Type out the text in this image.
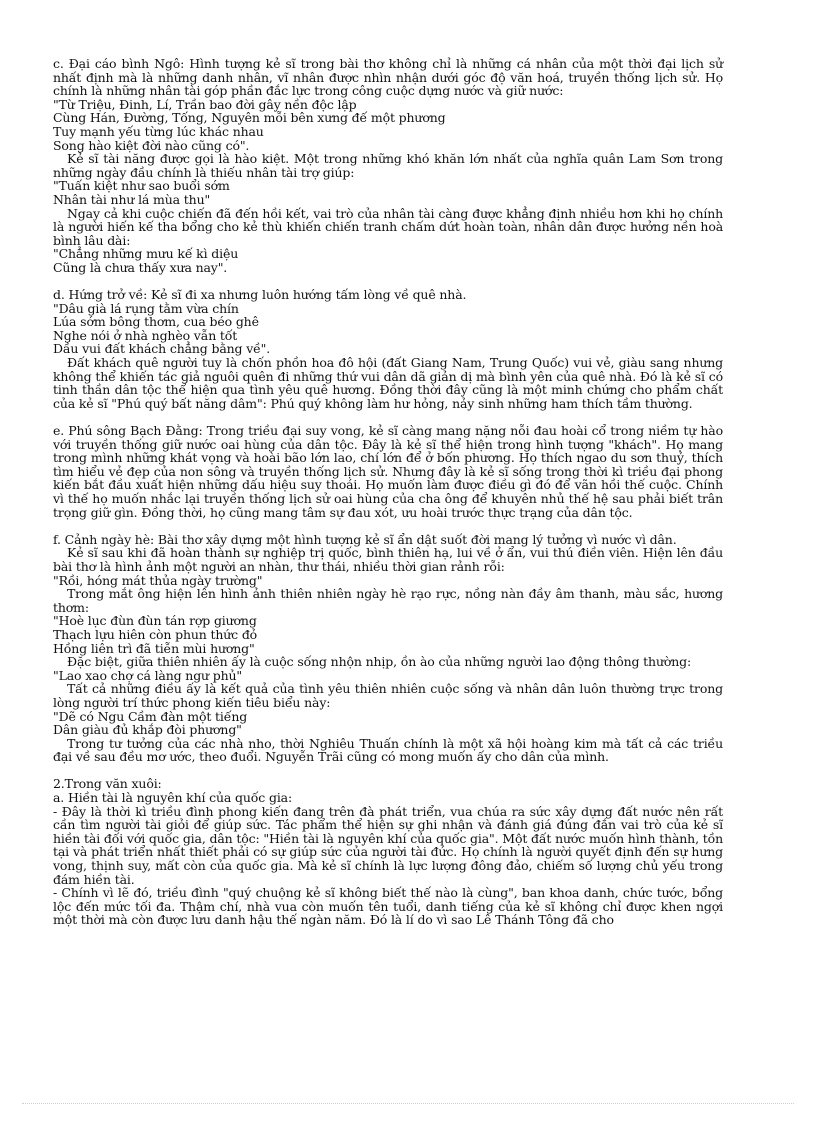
c. Đại cáo bình Ngô: Hình tượng kẻ sĩ trong bài thơ không chỉ là những cá nhân của một thời đại lịch sử nhất định mà là những danh nhân, vĩ nhân được nhìn nhận dưới góc độ văn hoá, truyền thống lịch sử. Họ chính là những nhân tài góp phần đắc lực trong công cuộc dựng nước và giữ nước:

"Từ Triệu, Đinh, Lí, Trần bao đời gây nền độc lập
Cùng Hán, Đường, Tống, Nguyên mỗi bên xưng đế một phương
Tuy mạnh yếu từng lúc khác nhau
Song hào kiệt đời nào cũng có".

Kẻ sĩ tài năng được gọi là hào kiệt. Một trong những khó khăn lớn nhất của nghĩa quân Lam Sơn trong những ngày đầu chính là thiếu nhân tài trợ giúp:

"Tuấn kiệt như sao buổi sớm
Nhân tài như lá mùa thu"

Ngay cả khi cuộc chiến đã đến hồi kết, vai trò của nhân tài càng được khẳng định nhiều hơn khi họ chính là người hiến kế tha bổng cho kẻ thù khiến chiến tranh chấm dứt hoàn toàn, nhân dân được hưởng nền hoà bình lâu dài:

"Chẳng những mưu kế kì diệu
Cũng là chưa thấy xưa nay".

d. Hứng trở về: Kẻ sĩ đi xa nhưng luôn hướng tấm lòng về quê nhà.

"Dâu già lá rụng tằm vừa chín
Lúa sớm bông thơm, cua béo ghê
Nghe nói ở nhà nghèo vẫn tốt
Dầu vui đất khách chẳng bằng về".

Đất khách quê người tuy là chốn phồn hoa đô hội (đất Giang Nam, Trung Quốc) vui vẻ, giàu sang nhưng không thể khiến tác giả nguôi quên đi những thứ vui dân dã giản dị mà bình yên của quê nhà. Đó là kẻ sĩ có tinh thần dân tộc thể hiện qua tình yêu quê hương. Đồng thời đây cũng là một minh chứng cho phẩm chất của kẻ sĩ "Phú quý bất năng dâm": Phú quý không làm hư hỏng, nảy sinh những ham thích tầm thường.

e. Phú sông Bạch Đằng: Trong triều đại suy vong, kẻ sĩ càng mang nặng nỗi đau hoài cổ trong niềm tự hào với truyền thống giữ nước oai hùng của dân tộc. Đây là kẻ sĩ thể hiện trong hình tượng "khách". Họ mang trong mình những khát vọng và hoài bão lớn lao, chí lớn để ở bốn phương. Họ thích ngao du sơn thuỷ, thích tìm hiểu vẻ đẹp của non sông và truyền thống lịch sử. Nhưng đây là kẻ sĩ sống trong thời kì triều đại phong kiến bắt đầu xuất hiện những dấu hiệu suy thoái. Họ muốn làm được điều gì đó để vãn hồi thế cuộc. Chính vì thế họ muốn nhắc lại truyền thống lịch sử oai hùng của cha ông để khuyên nhủ thế hệ sau phải biết trân trọng giữ gìn. Đồng thời, họ cũng mang tâm sự đau xót, ưu hoài trước thực trạng của dân tộc.

f. Cảnh ngày hè: Bài thơ xây dựng một hình tượng kẻ sĩ ẩn dật suốt đời mang lý tưởng vì nước vì dân.

Kẻ sĩ sau khi đã hoàn thành sự nghiệp trị quốc, bình thiên hạ, lui về ở ẩn, vui thú điền viên. Hiện lên đầu bài thơ là hình ảnh một người an nhàn, thư thái, nhiều thời gian rảnh rỗi:

"Rồi, hóng mát thủa ngày trường"

Trong mắt ông hiện lên hình ảnh thiên nhiên ngày hè rạo rực, nồng nàn đầy âm thanh, màu sắc, hương thơm:

"Hoè lục đùn đùn tán rợp giương
Thạch lựu hiên còn phun thức đỏ
Hồng liên trì đã tiễn mùi hương"

Đặc biệt, giữa thiên nhiên ấy là cuộc sống nhộn nhịp, ồn ào của những người lao động thông thường:

"Lao xao chợ cá làng ngư phủ"

Tất cả những điều ấy là kết quả của tình yêu thiên nhiên cuộc sống và nhân dân luôn thường trực trong lòng người trí thức phong kiến tiêu biểu này:

"Dẽ có Ngu Cầm đàn một tiếng
Dân giàu đủ khắp đòi phương"

Trong tư tưởng của các nhà nho, thời Nghiêu Thuấn chính là một xã hội hoàng kim mà tất cả các triều đại về sau đều mơ ước, theo đuổi. Nguyễn Trãi cũng có mong muốn ấy cho dân của mình.

2.Trong văn xuôi:
a. Hiền tài là nguyên khí của quốc gia:

- Đây là thời kì triều đình phong kiến đang trên đà phát triển, vua chúa ra sức xây dựng đất nước nên rất cần tìm người tài giỏi để giúp sức. Tác phẩm thể hiện sự ghi nhận và đánh giá đúng đắn vai trò của kẻ sĩ hiền tài đối với quốc gia, dân tộc: "Hiền tài là nguyên khí của quốc gia". Một đất nước muốn hình thành, tồn tại và phát triển nhất thiết phải có sự giúp sức của người tài đức. Họ chính là người quyết định đến sự hưng vong, thịnh suy, mất còn của quốc gia. Mà kẻ sĩ chính là lực lượng đông đảo, chiếm số lượng chủ yếu trong đám hiền tài.

- Chính vì lẽ đó, triều đình "quý chuộng kẻ sĩ không biết thế nào là cùng", ban khoa danh, chức tước, bổng lộc đến mức tối đa. Thậm chí, nhà vua còn muốn tên tuổi, danh tiếng của kẻ sĩ không chỉ được khen ngợi một thời mà còn được lưu danh hậu thế ngàn năm. Đó là lí do vì sao Lê Thánh Tông đã cho
